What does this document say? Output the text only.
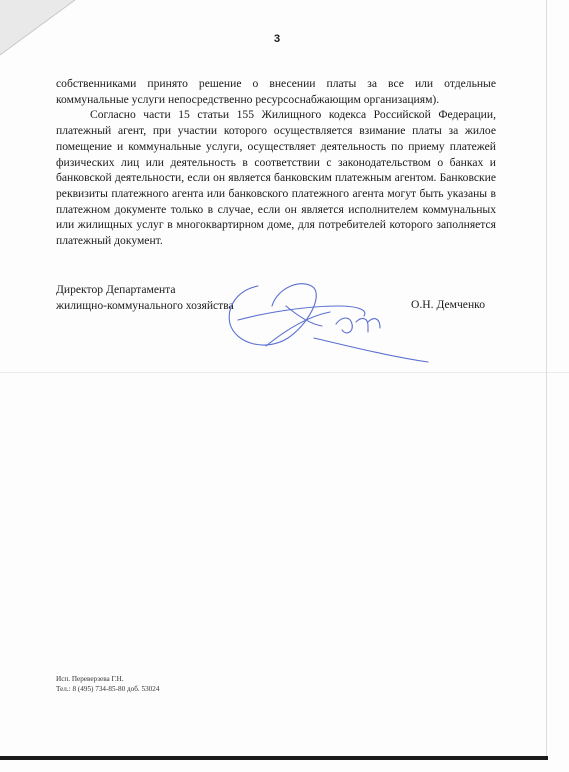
3

собственниками принято решение о внесении платы за все или отдельные коммунальные услуги непосредственно ресурсоснабжающим организациям).

Согласно части 15 статьи 155 Жилищного кодекса Российской Федерации, платежный агент, при участии которого осуществляется взимание платы за жилое помещение и коммунальные услуги, осуществляет деятельность по приему платежей физических лиц или деятельность в соответствии с законодательством о банках и банковской деятельности, если он является банковским платежным агентом. Банковские реквизиты платежного агента или банковского платежного агента могут быть указаны в платежном документе только в случае, если он является исполнителем коммунальных или жилищных услуг в многоквартирном доме, для потребителей которого заполняется платежный документ.

Директор Департамента
жилищно-коммунального хозяйства	О.Н. Демченко
Исп. Переверзева Г.Н.
Тел.: 8 (495) 734-85-80 доб. 53024
